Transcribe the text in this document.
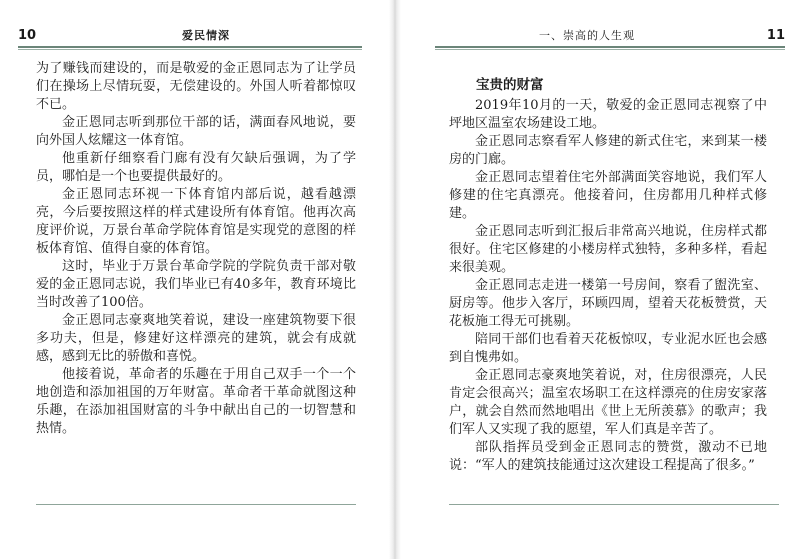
10	爱民情深

为了赚钱而建设的，而是敬爱的金正恩同志为了让学员们在操场上尽情玩耍，无偿建设的。外国人听着都惊叹不已。

金正恩同志听到那位干部的话，满面春风地说，要向外国人炫耀这一体育馆。

他重新仔细察看门廊有没有欠缺后强调，为了学员，哪怕是一个也要提供最好的。

金正恩同志环视一下体育馆内部后说，越看越漂亮，今后要按照这样的样式建设所有体育馆。他再次高度评价说，万景台革命学院体育馆是实现党的意图的样板体育馆、值得自豪的体育馆。

这时，毕业于万景台革命学院的学院负责干部对敬爱的金正恩同志说，我们毕业已有40多年，教育环境比当时改善了100倍。

金正恩同志豪爽地笑着说，建设一座建筑物要下很多功夫，但是，修建好这样漂亮的建筑，就会有成就感，感到无比的骄傲和喜悦。

他接着说，革命者的乐趣在于用自己双手一个一个地创造和添加祖国的万年财富。革命者干革命就图这种乐趣，在添加祖国财富的斗争中献出自己的一切智慧和热情。

一、崇高的人生观	11
宝贵的财富

2019年10月的一天，敬爱的金正恩同志视察了中坪地区温室农场建设工地。

金正恩同志察看军人修建的新式住宅，来到某一楼房的门廊。

金正恩同志望着住宅外部满面笑容地说，我们军人修建的住宅真漂亮。他接着问，住房都用几种样式修建。

金正恩同志听到汇报后非常高兴地说，住房样式都很好。住宅区修建的小楼房样式独特，多种多样，看起来很美观。

金正恩同志走进一楼第一号房间，察看了盥洗室、厨房等。他步入客厅，环顾四周，望着天花板赞赏，天花板施工得无可挑剔。

陪同干部们也看着天花板惊叹，专业泥水匠也会感到自愧弗如。

金正恩同志豪爽地笑着说，对，住房很漂亮，人民肯定会很高兴；温室农场职工在这样漂亮的住房安家落户，就会自然而然地唱出《世上无所羡慕》的歌声；我们军人又实现了我的愿望，军人们真是辛苦了。

部队指挥员受到金正恩同志的赞赏，激动不已地说：“军人的建筑技能通过这次建设工程提高了很多。”
